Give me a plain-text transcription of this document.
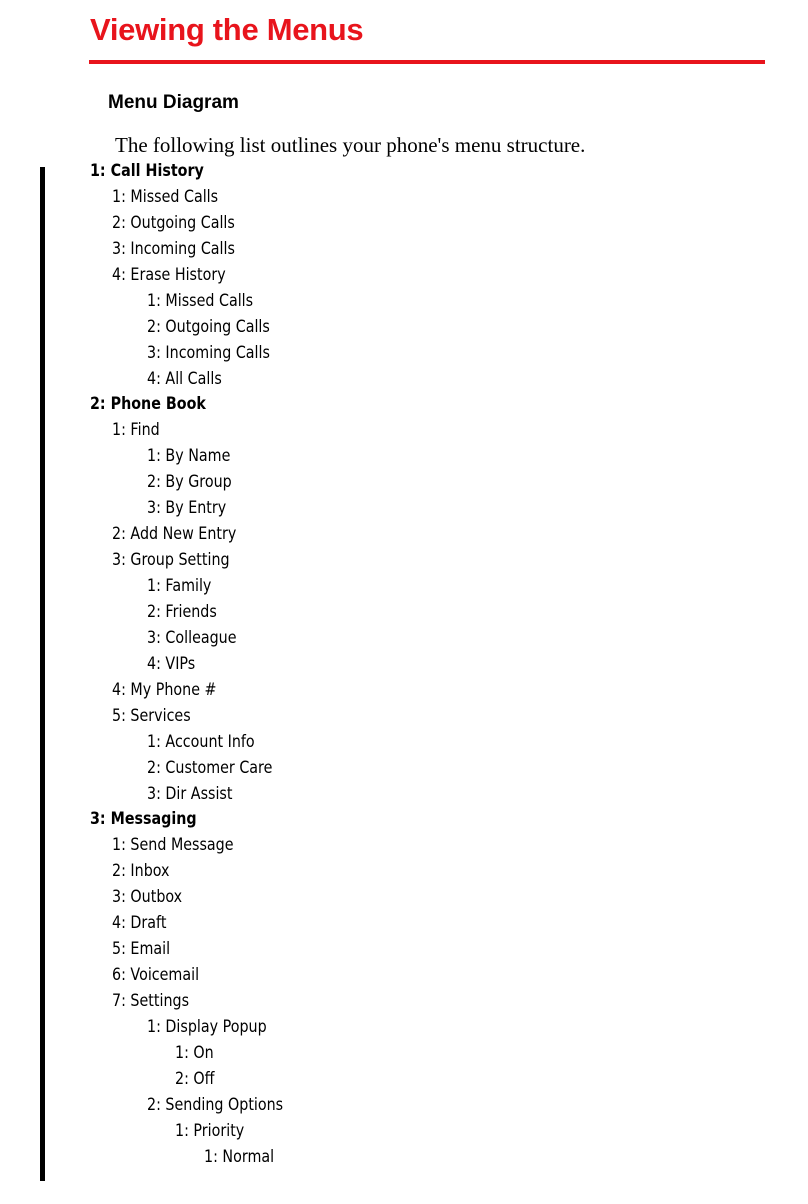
Viewing the Menus
Menu Diagram
The following list outlines your phone's menu structure.
1: Call History
1: Missed Calls
2: Outgoing Calls
3: Incoming Calls
4: Erase History
1: Missed Calls
2: Outgoing Calls
3: Incoming Calls
4: All Calls
2: Phone Book
1: Find
1: By Name
2: By Group
3: By Entry
2: Add New Entry
3: Group Setting
1: Family
2: Friends
3: Colleague
4: VIPs
4: My Phone #
5: Services
1: Account Info
2: Customer Care
3: Dir Assist
3: Messaging
1: Send Message
2: Inbox
3: Outbox
4: Draft
5: Email
6: Voicemail
7: Settings
1: Display Popup
1: On
2: Off
2: Sending Options
1: Priority
1: Normal
